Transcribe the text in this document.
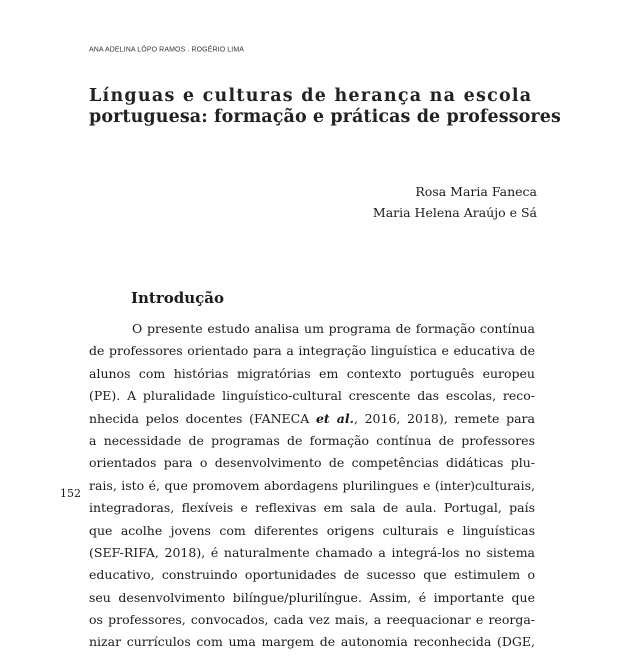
ANA ADELINA LÔPO RAMOS . ROGÉRIO LIMA
Línguas e culturas de herança na escola
portuguesa: formação e práticas de professores
Rosa Maria Faneca
Maria Helena Araújo e Sá
Introdução
152
O presente estudo analisa um programa de formação contínua
de professores orientado para a integração linguística e educativa de
alunos com histórias migratórias em contexto português europeu
(PE). A pluralidade linguístico-cultural crescente das escolas, reco-
nhecida pelos docentes (FANECA et al., 2016, 2018), remete para
a necessidade de programas de formação contínua de professores
orientados para o desenvolvimento de competências didáticas plu-
rais, isto é, que promovem abordagens plurilingues e (inter)culturais,
integradoras, flexíveis e reflexivas em sala de aula. Portugal, país
que acolhe jovens com diferentes origens culturais e linguísticas
(SEF-RIFA, 2018), é naturalmente chamado a integrá-los no sistema
educativo, construindo oportunidades de sucesso que estimulem o
seu desenvolvimento bilíngue/plurilíngue. Assim, é importante que
os professores, convocados, cada vez mais, a reequacionar e reorga-
nizar currículos com uma margem de autonomia reconhecida (DGE,
